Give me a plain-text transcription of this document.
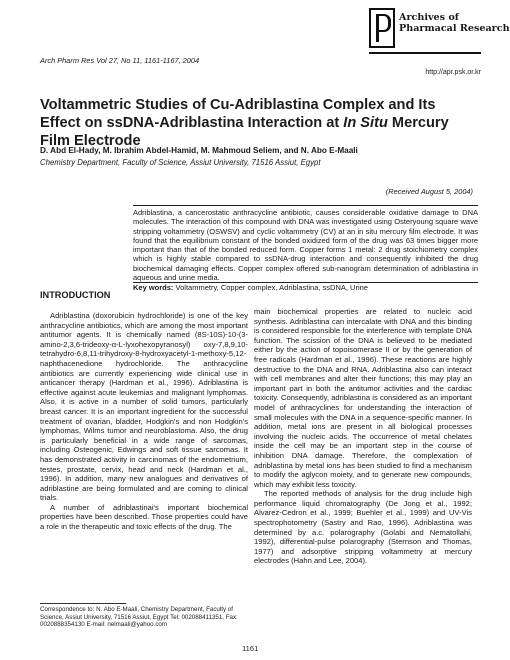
Arch Pharm Res Vol 27, No 11, 1161-1167, 2004
Archives of
Pharmacal Research
http://apr.psk.or.kr
Voltammetric Studies of Cu-Adriblastina Complex and Its Effect on ssDNA-Adriblastina Interaction at In Situ Mercury Film Electrode
D. Abd El-Hady, M. Ibrahim Abdel-Hamid, M. Mahmoud Seliem, and N. Abo E-Maali
Chemistry Department, Faculty of Science, Assiut University, 71516 Assiut, Egypt
(Received August 5, 2004)

Adriblastina, a cancerostatic anthracycline antibiotic, causes considerable oxidative damage to DNA molecules. The interaction of this compound with DNA was investigated using Osteryoung square wave stripping voltammetry (OSWSV) and cyclic voltammetry (CV) at an in situ mercury film electrode. It was found that the equilibrium constant of the bonded oxidized form of the drug was 63 times bigger more important than that of the bonded reduced form. Copper forms 1 metal: 2 drug stoichiometry complex which is highly stable compared to ssDNA-drug interaction and consequently inhibited the drug biochemical damaging effects. Copper complex offered sub-nanogram determination of adriblastina in aqueous and urine media.

Key words: Voltammetry, Copper complex, Adriblastina, ssDNA, Urine

INTRODUCTION

Adriblastina (doxorubicin hydrochloride) is one of the key anthracycline antibiotics, which are among the most important antitumor agents. It is chemically named (8S-10S)-10-(3-amino-2,3,6-trideoxy-α-L-lyxohexopyranosyl) oxy-7,8,9,10-tetrahydro-6,8,11-trihydroxy-8-hydroxyacetyl-1-methoxy-5,12-naphthacenedione hydrochloride. The anthracycline antibiotics are currently experiencing wide clinical use in anticancer therapy (Hardman et al., 1996). Adriblastina is effective against acute leukemias and malignant lymphomas. Also, it is active in a number of solid tumors, particularly breast cancer. It is an important ingredient for the successful treatment of ovarian, bladder, Hodgkin's and non Hodgkin's lymphomas, Wilms tumor and neuroblastoma. Also, the drug is particularly beneficial in a wide range of sarcomas, including Osteogenic, Edwings and soft tissue sarcomas. It has demonstrated activity in carcinomas of the endometrium, testes, prostate, cervix, head and neck (Hardman et al., 1996). In addition, many new analogues and derivatives of adriblastine are being formulated and are coming to clinical trials.

A number of adriblastinai's important biochemical properties have been described. Those properties could have a role in the therapeutic and toxic effects of the drug. The

main biochemical properties are related to nucleic acid synthesis. Adriblastina can intercalate with DNA and this binding is considered responsible for the interference with template DNA function. The scission of the DNA is believed to be mediated either by the action of topoisomerase II or by the generation of free radicals (Hardman et al., 1996). These reactions are highly destructive to the DNA and RNA. Adriblastina also can interact with cell membranes and alter their functions; this may play an important part in both the antitumor activities and the cardiac toxicity. Consequently, adriblastina is considered as an important model of anthracyclines for understanding the interaction of small molecules with the DNA in a sequence-specific manner. In addition, metal ions are present in all biological processes involving the nucleic acids. The occurrence of metal chelates inside the cell may be an important step in the course of inhibition DNA damage. Therefore, the complexation of adriblastina by metal ions has been studied to find a mechanism to modify the aglycon moiety, and to generate new compounds, which may exhibit less toxicity.

The reported methods of analysis for the drug include high performance liquid chromatography (De Jong et al., 1992; Alvarez-Cedron et al., 1999; Buehler et al., 1999) and UV-Vis spectrophotometry (Sastry and Rao, 1996). Adriblastina was determined by a.c. polarography (Golabi and Nematollahi, 1992), differential-pulse polarography (Sternson and Thomas, 1977) and adsorptive stripping voltammetry at mercury electrodes (Hahn and Lee, 2004).

Correspondence to: N. Abo E-Maali, Chemistry Department, Faculty of Science, Assiut University, 71516 Assiut, Egypt Tel: 002088411351, Fax: 0020888354130 E-mail: nelmaali@yahoo.com
1161
